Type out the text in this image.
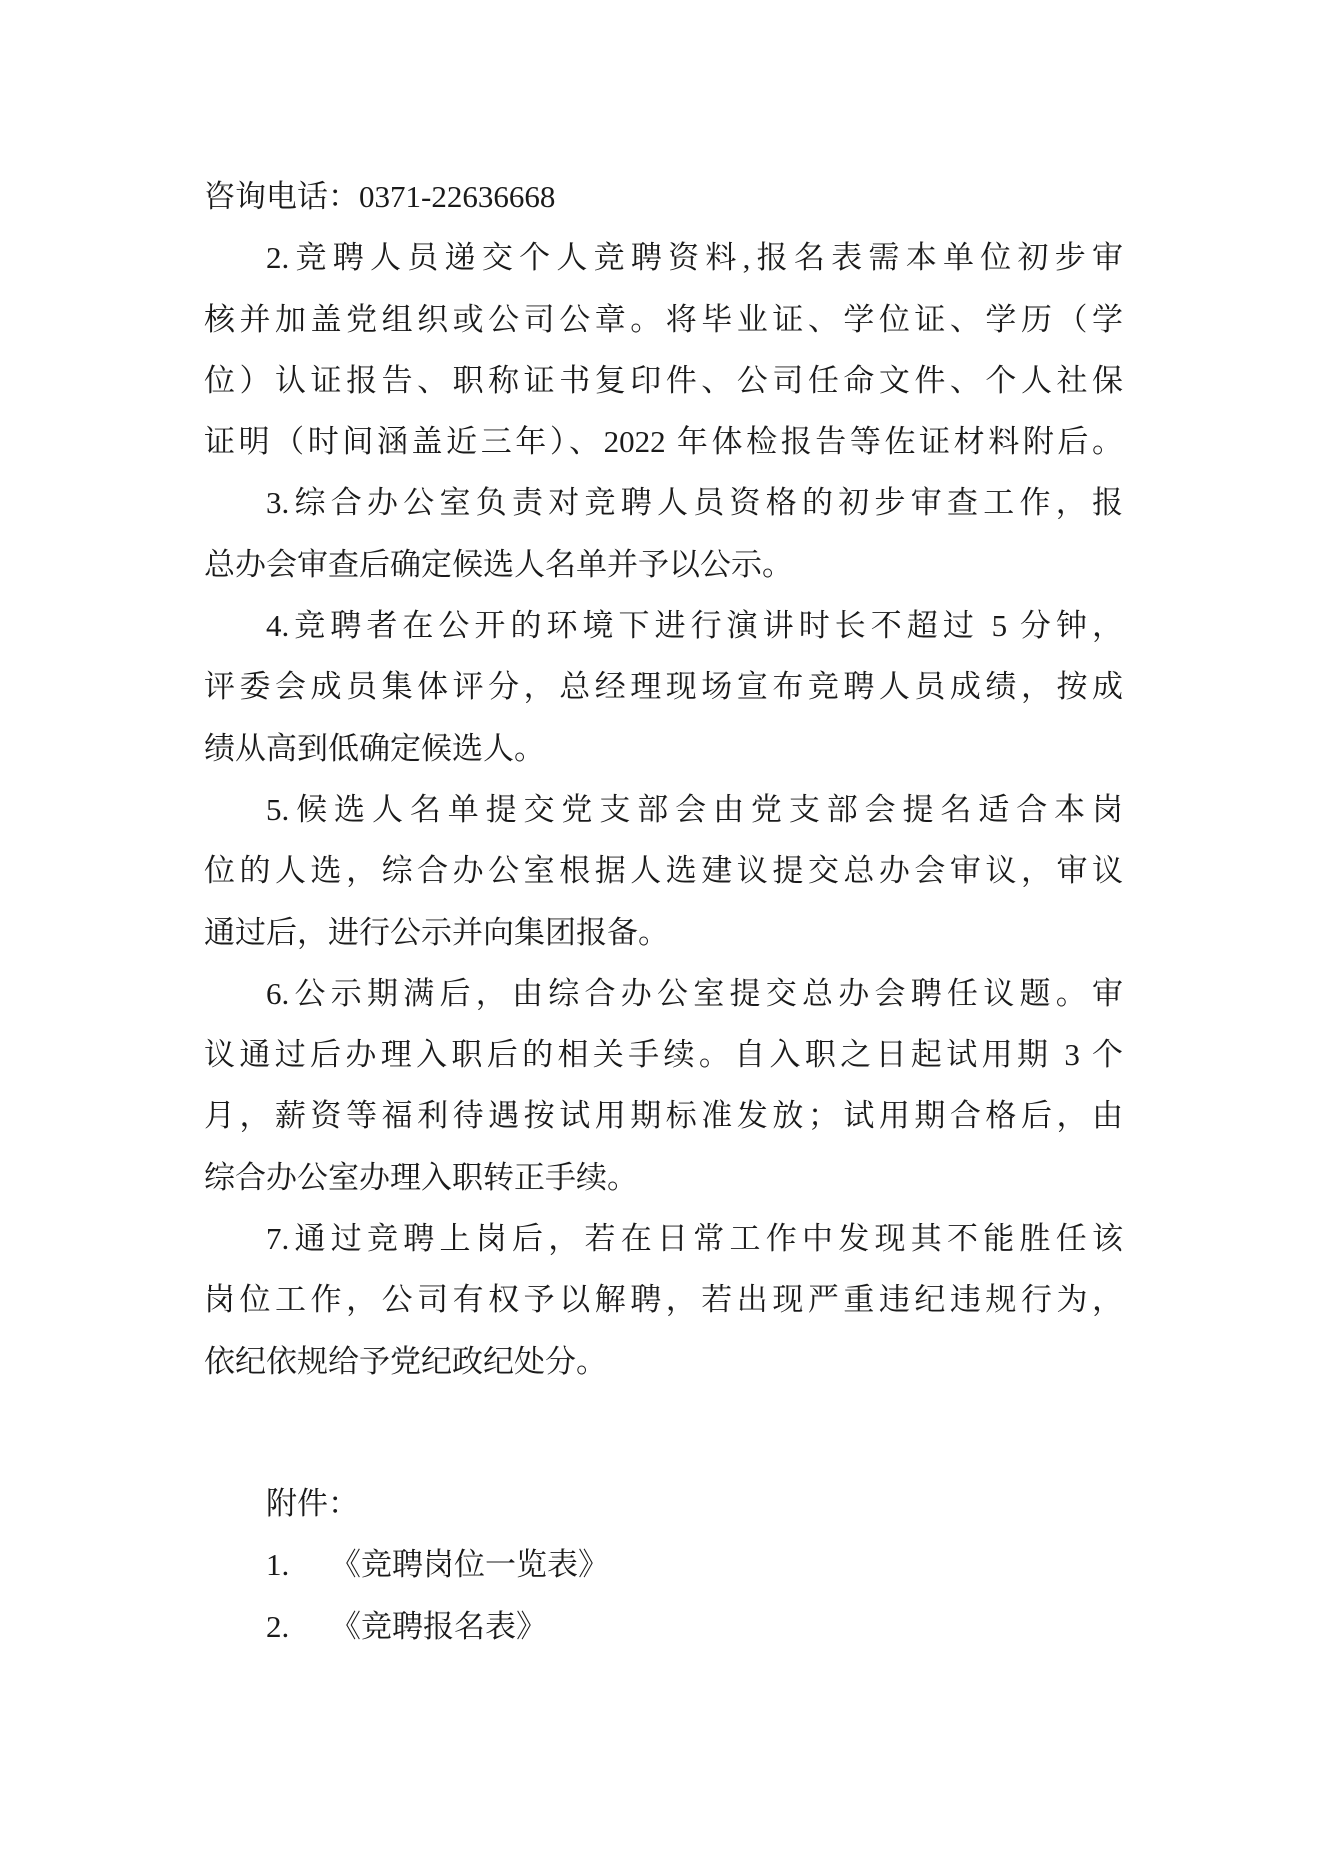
咨询电话：0371-22636668
2.竞聘人员递交个人竞聘资料,报名表需本单位初步审
核并加盖党组织或公司公章。将毕业证、学位证、学历（学
位）认证报告、职称证书复印件、公司任命文件、个人社保
证明（时间涵盖近三年）、2022 年体检报告等佐证材料附后。
3.综合办公室负责对竞聘人员资格的初步审查工作，报
总办会审查后确定候选人名单并予以公示。
4.竞聘者在公开的环境下进行演讲时长不超过 5 分钟，
评委会成员集体评分，总经理现场宣布竞聘人员成绩，按成
绩从高到低确定候选人。
5.候选人名单提交党支部会由党支部会提名适合本岗
位的人选，综合办公室根据人选建议提交总办会审议，审议
通过后，进行公示并向集团报备。
6.公示期满后，由综合办公室提交总办会聘任议题。审
议通过后办理入职后的相关手续。自入职之日起试用期 3 个
月，薪资等福利待遇按试用期标准发放；试用期合格后，由
综合办公室办理入职转正手续。
7.通过竞聘上岗后，若在日常工作中发现其不能胜任该
岗位工作，公司有权予以解聘，若出现严重违纪违规行为，
依纪依规给予党纪政纪处分。
附件：
1. 《竞聘岗位一览表》
2. 《竞聘报名表》
